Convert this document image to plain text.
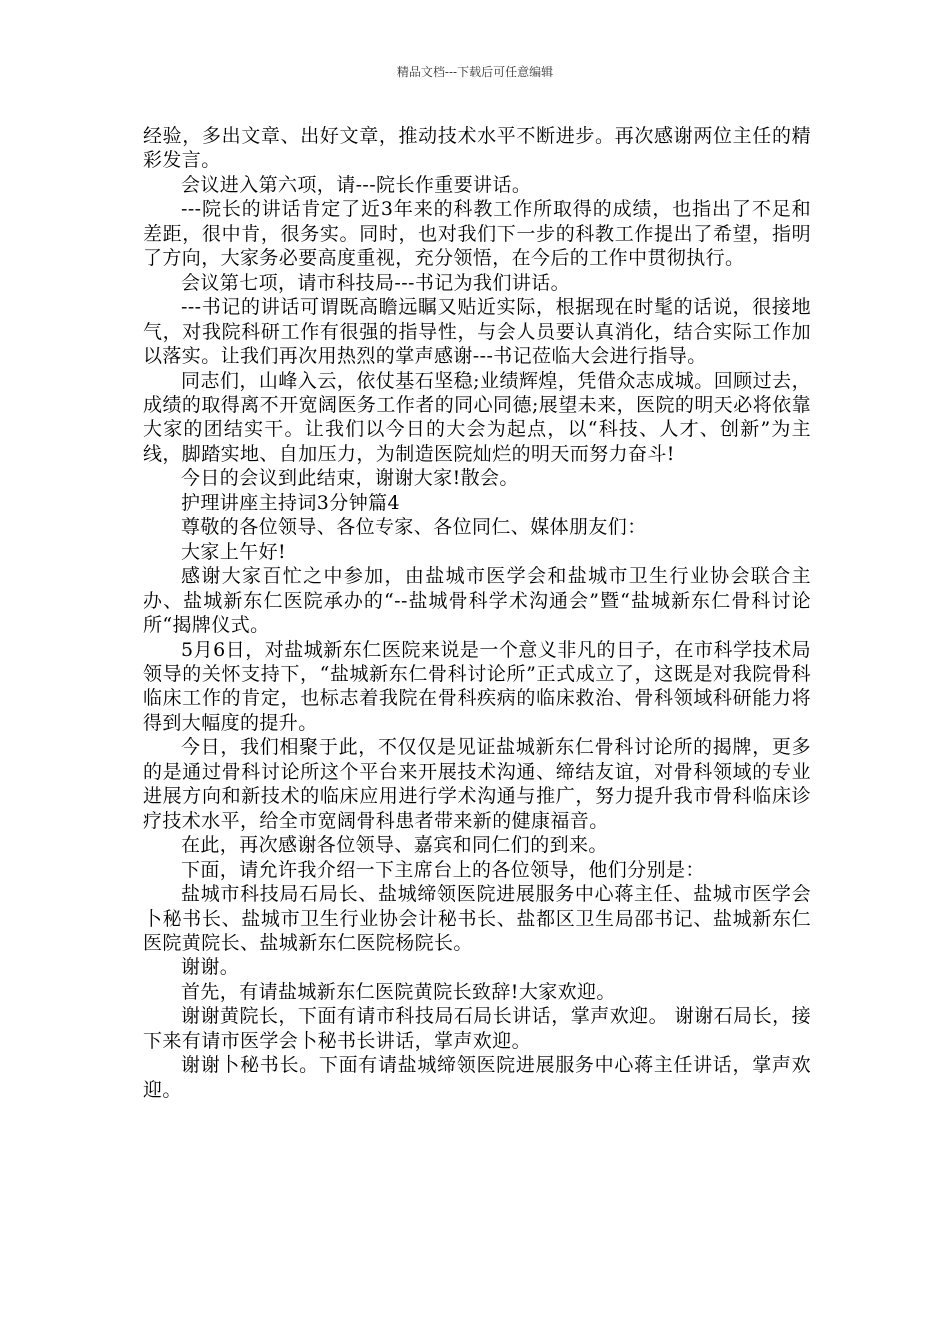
精品文档---下载后可任意编辑

经验，多出文章、出好文章，推动技术水平不断进步。再次感谢两位主任的精彩发言。

会议进入第六项，请---院长作重要讲话。

---院长的讲话肯定了近3年来的科教工作所取得的成绩，也指出了不足和差距，很中肯，很务实。同时，也对我们下一步的科教工作提出了希望，指明了方向，大家务必要高度重视，充分领悟，在今后的工作中贯彻执行。

会议第七项，请市科技局---书记为我们讲话。

---书记的讲话可谓既高瞻远瞩又贴近实际，根据现在时髦的话说，很接地气，对我院科研工作有很强的指导性，与会人员要认真消化，结合实际工作加以落实。让我们再次用热烈的掌声感谢---书记莅临大会进行指导。

同志们，山峰入云，依仗基石坚稳;业绩辉煌，凭借众志成城。回顾过去，成绩的取得离不开宽阔医务工作者的同心同德;展望未来，医院的明天必将依靠大家的团结实干。让我们以今日的大会为起点，以“科技、人才、创新”为主线，脚踏实地、自加压力，为制造医院灿烂的明天而努力奋斗!

今日的会议到此结束，谢谢大家!散会。

护理讲座主持词3分钟篇4

尊敬的各位领导、各位专家、各位同仁、媒体朋友们：

大家上午好!

感谢大家百忙之中参加，由盐城市医学会和盐城市卫生行业协会联合主办、盐城新东仁医院承办的“--盐城骨科学术沟通会”暨“盐城新东仁骨科讨论所“揭牌仪式。

5月6日，对盐城新东仁医院来说是一个意义非凡的日子，在市科学技术局领导的关怀支持下，“盐城新东仁骨科讨论所”正式成立了，这既是对我院骨科临床工作的肯定，也标志着我院在骨科疾病的临床救治、骨科领域科研能力将得到大幅度的提升。

今日，我们相聚于此，不仅仅是见证盐城新东仁骨科讨论所的揭牌，更多的是通过骨科讨论所这个平台来开展技术沟通、缔结友谊，对骨科领域的专业进展方向和新技术的临床应用进行学术沟通与推广，努力提升我市骨科临床诊疗技术水平，给全市宽阔骨科患者带来新的健康福音。

在此，再次感谢各位领导、嘉宾和同仁们的到来。

下面，请允许我介绍一下主席台上的各位领导，他们分别是：

盐城市科技局石局长、盐城缔领医院进展服务中心蒋主任、盐城市医学会卜秘书长、盐城市卫生行业协会计秘书长、盐都区卫生局邵书记、盐城新东仁医院黄院长、盐城新东仁医院杨院长。

谢谢。

首先，有请盐城新东仁医院黄院长致辞!大家欢迎。

谢谢黄院长，下面有请市科技局石局长讲话，掌声欢迎。 谢谢石局长，接下来有请市医学会卜秘书长讲话，掌声欢迎。

谢谢卜秘书长。下面有请盐城缔领医院进展服务中心蒋主任讲话，掌声欢迎。
